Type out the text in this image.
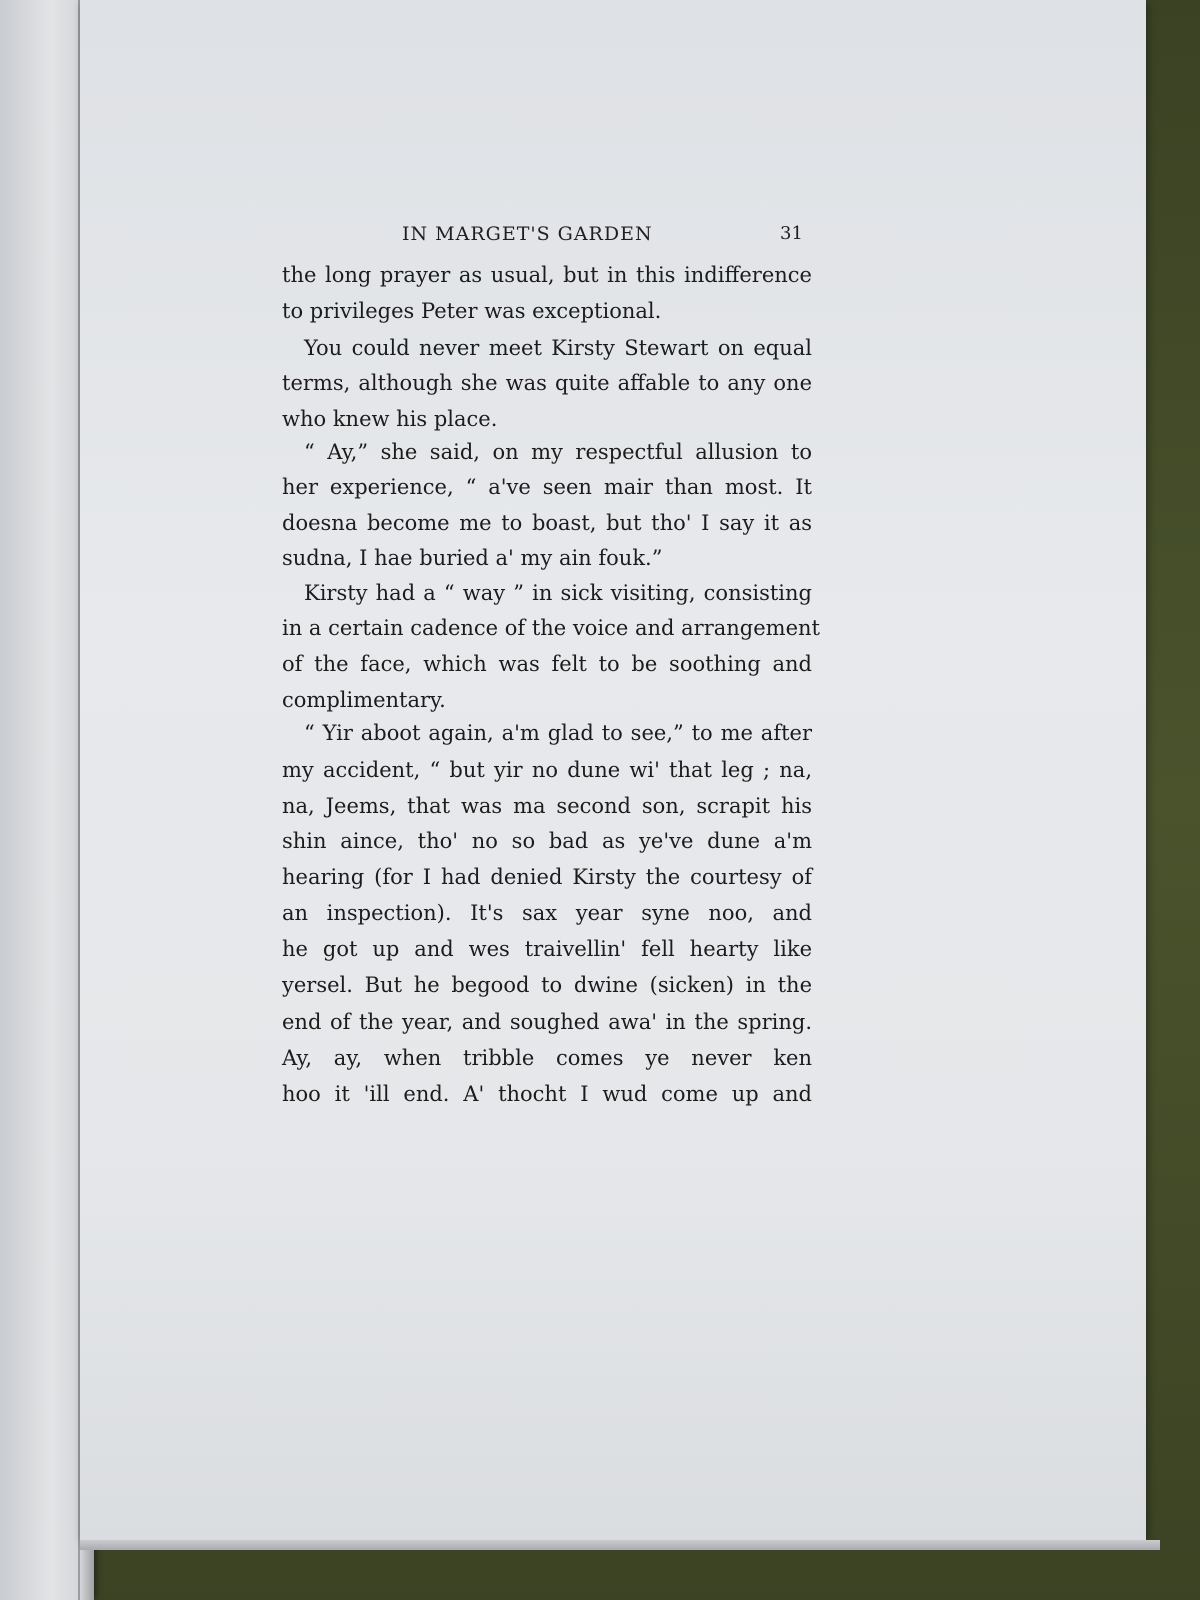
IN MARGET'S GARDEN	31

the long prayer as usual, but in this indifference

to privileges Peter was exceptional.

You could never meet Kirsty Stewart on equal

terms, although she was quite affable to any one

who knew his place.

“ Ay,” she said, on my respectful allusion to

her experience, “ a've seen mair than most. It

doesna become me to boast, but tho' I say it as

sudna, I hae buried a' my ain fouk.”

Kirsty had a “ way ” in sick visiting, consisting

in a certain cadence of the voice and arrangement

of the face, which was felt to be soothing and

complimentary.

“ Yir aboot again, a'm glad to see,” to me after

my accident, “ but yir no dune wi' that leg ; na,

na, Jeems, that was ma second son, scrapit his

shin aince, tho' no so bad as ye've dune a'm

hearing (for I had denied Kirsty the courtesy of

an inspection). It's sax year syne noo, and

he got up and wes traivellin' fell hearty like

yersel. But he begood to dwine (sicken) in the

end of the year, and soughed awa' in the spring.

Ay, ay, when tribble comes ye never ken

hoo it 'ill end. A' thocht I wud come up and
